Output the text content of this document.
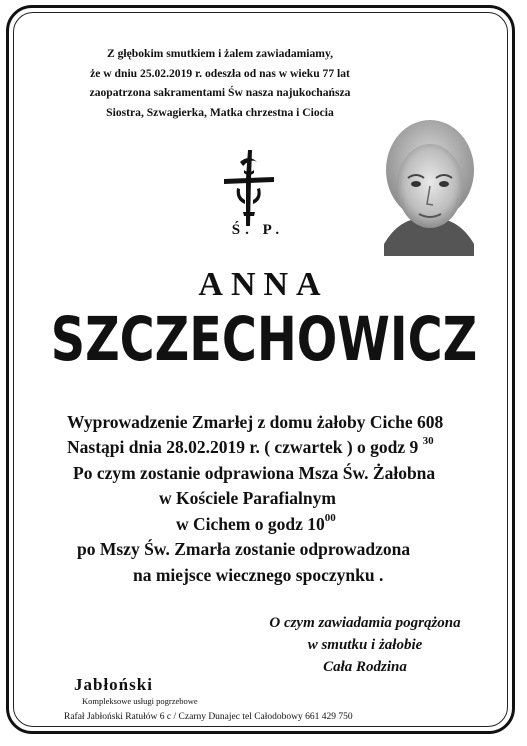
Z głębokim smutkiem i żalem zawiadamiamy,
że w dniu 25.02.2019 r. odeszła od nas w wieku 77 lat
zaopatrzona sakramentami Św nasza najukochańsza
Siostra, Szwagierka, Matka chrzestna i Ciocia
Ś. P.
ANNA
SZCZECHOWICZ
Wyprowadzenie Zmarłej z domu żałoby Ciche 608
Nastąpi dnia 28.02.2019 r. ( czwartek ) o godz 9 $^{30}$
Po czym zostanie odprawiona Msza Św. Żałobna
w Kościele Parafialnym
w Cichem o godz $10^{00}$
po Mszy Św. Zmarła zostanie odprowadzona
na miejsce wiecznego spoczynku .
O czym zawiadamia pogrążona
w smutku i żałobie
Cała Rodzina
Jabłoński
Kompleksowe usługi pogrzebowe
Rafał Jabłoński Ratułów 6 c / Czarny Dunajec tel Całodobowy 661 429 750
